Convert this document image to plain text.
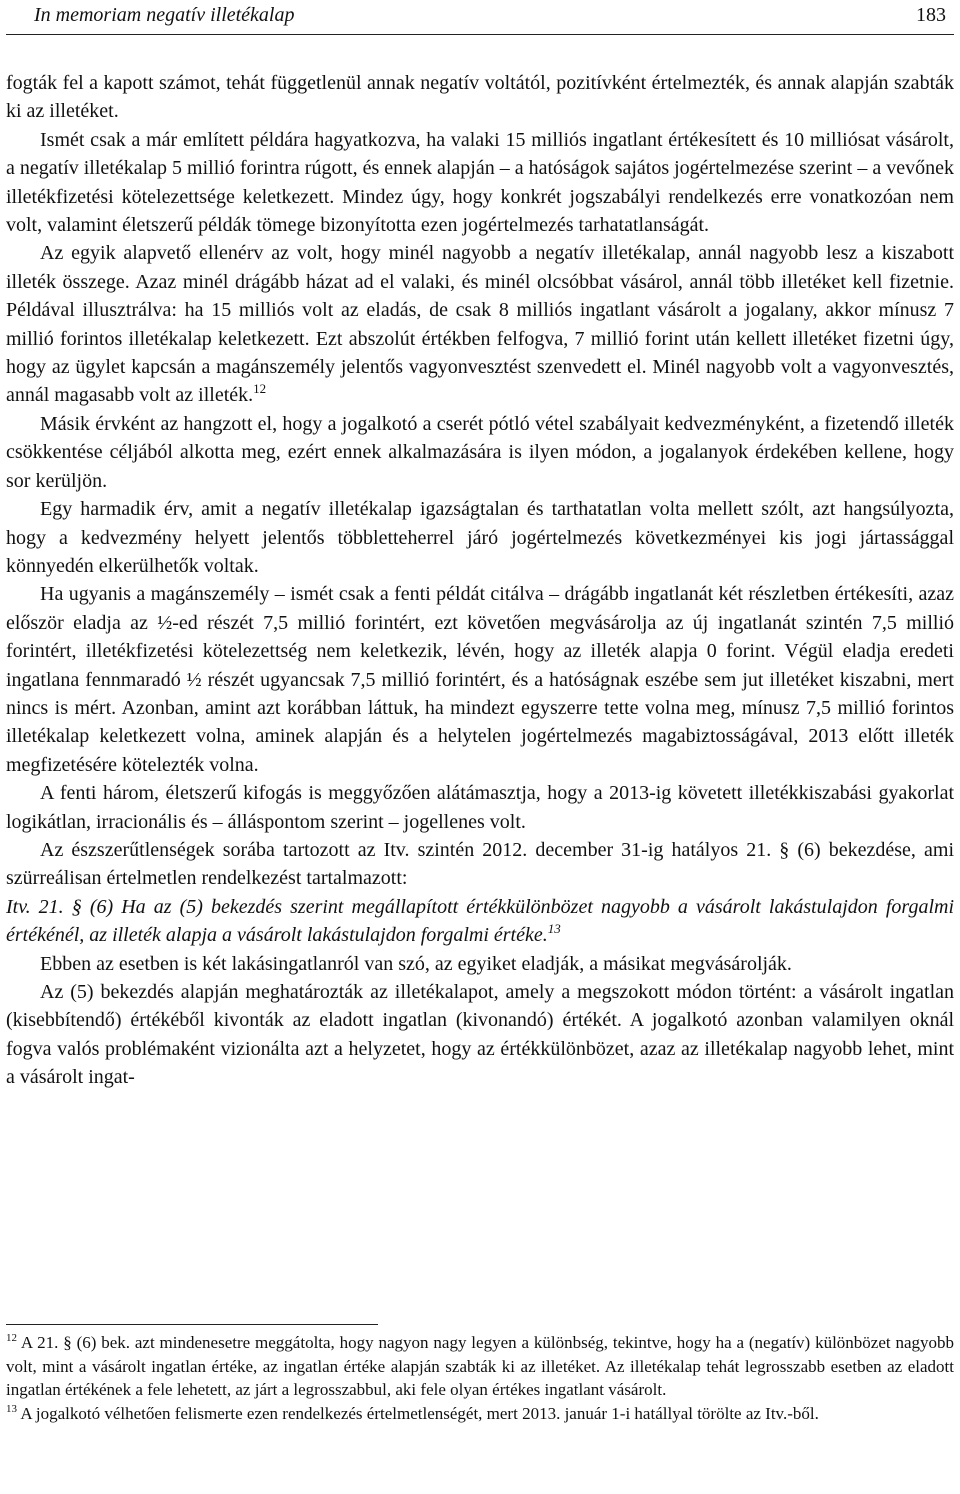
In memoriam negatív illetékalap	183

fogták fel a kapott számot, tehát függetlenül annak negatív voltától, pozitívként értelmezték, és annak alapján szabták ki az illetéket.

Ismét csak a már említett példára hagyatkozva, ha valaki 15 milliós ingatlant értékesített és 10 milliósat vásárolt, a negatív illetékalap 5 millió forintra rúgott, és ennek alapján – a hatóságok sajátos jogértelmezése szerint – a vevőnek illetékfizetési kötelezettsége keletkezett. Mindez úgy, hogy konkrét jogszabályi rendelkezés erre vonatkozóan nem volt, valamint életszerű példák tömege bizonyította ezen jogértelmezés tarhatatlanságát.

Az egyik alapvető ellenérv az volt, hogy minél nagyobb a negatív illetékalap, annál nagyobb lesz a kiszabott illeték összege. Azaz minél drágább házat ad el valaki, és minél olcsóbbat vásárol, annál több illetéket kell fizetnie. Példával illusztrálva: ha 15 milliós volt az eladás, de csak 8 milliós ingatlant vásárolt a jogalany, akkor mínusz 7 millió forintos illetékalap keletkezett. Ezt abszolút értékben felfogva, 7 millió forint után kellett illetéket fizetni úgy, hogy az ügylet kapcsán a magánszemély jelentős vagyonvesztést szenvedett el. Minél nagyobb volt a vagyonvesztés, annál magasabb volt az illeték.$^{12}$

Másik érvként az hangzott el, hogy a jogalkotó a cserét pótló vétel szabályait kedvezményként, a fizetendő illeték csökkentése céljából alkotta meg, ezért ennek alkalmazására is ilyen módon, a jogalanyok érdekében kellene, hogy sor kerüljön.

Egy harmadik érv, amit a negatív illetékalap igazságtalan és tarthatatlan volta mellett szólt, azt hangsúlyozta, hogy a kedvezmény helyett jelentős többletteherrel járó jogértelmezés következményei kis jogi jártassággal könnyedén elkerülhetők voltak.

Ha ugyanis a magánszemély – ismét csak a fenti példát citálva – drágább ingatlanát két részletben értékesíti, azaz először eladja az ½-ed részét 7,5 millió forintért, ezt követően megvásárolja az új ingatlanát szintén 7,5 millió forintért, illetékfizetési kötelezettség nem keletkezik, lévén, hogy az illeték alapja 0 forint. Végül eladja eredeti ingatlana fennmaradó ½ részét ugyancsak 7,5 millió forintért, és a hatóságnak eszébe sem jut illetéket kiszabni, mert nincs is mért. Azonban, amint azt korábban láttuk, ha mindezt egyszerre tette volna meg, mínusz 7,5 millió forintos illetékalap keletkezett volna, aminek alapján és a helytelen jogértelmezés magabiztosságával, 2013 előtt illeték megfizetésére kötelezték volna.

A fenti három, életszerű kifogás is meggyőzően alátámasztja, hogy a 2013-ig követett illetékkiszabási gyakorlat logikátlan, irracionális és – álláspontom szerint – jogellenes volt.

Az észszerűtlenségek sorába tartozott az Itv. szintén 2012. december 31-ig hatályos 21. § (6) bekezdése, ami szürreálisan értelmetlen rendelkezést tartalmazott:

Itv. 21. § (6) Ha az (5) bekezdés szerint megállapított értékkülönbözet nagyobb a vásárolt lakástulajdon forgalmi értékénél, az illeték alapja a vásárolt lakástulajdon forgalmi értéke.$^{13}$

Ebben az esetben is két lakásingatlanról van szó, az egyiket eladják, a másikat megvásárolják.

Az (5) bekezdés alapján meghatározták az illetékalapot, amely a megszokott módon történt: a vásárolt ingatlan (kisebbítendő) értékéből kivonták az eladott ingatlan (kivonandó) értékét. A jogalkotó azonban valamilyen oknál fogva valós problémaként vizionálta azt a helyzetet, hogy az értékkülönbözet, azaz az illetékalap nagyobb lehet, mint a vásárolt ingat-

$^{12}$ A 21. § (6) bek. azt mindenesetre meggátolta, hogy nagyon nagy legyen a különbség, tekintve, hogy ha a (negatív) különbözet nagyobb volt, mint a vásárolt ingatlan értéke, az ingatlan értéke alapján szabták ki az illetéket. Az illetékalap tehát legrosszabb esetben az eladott ingatlan értékének a fele lehetett, az járt a legrosszabbul, aki fele olyan értékes ingatlant vásárolt.

$^{13}$ A jogalkotó vélhetően felismerte ezen rendelkezés értelmetlenségét, mert 2013. január 1-i hatállyal törölte az Itv.-ből.
